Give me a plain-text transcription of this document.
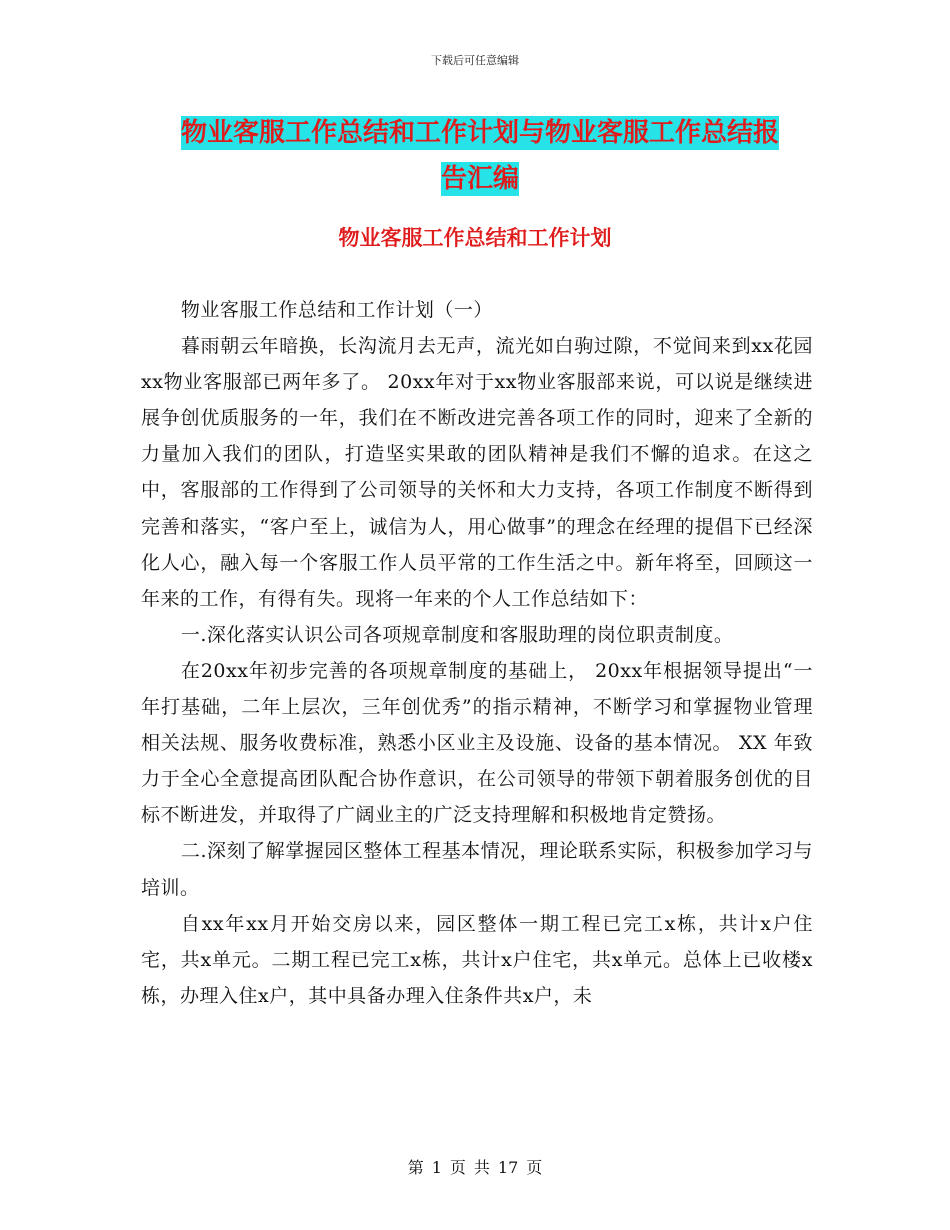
下载后可任意编辑
物业客服工作总结和工作计划与物业客服工作总结报
告汇编
物业客服工作总结和工作计划

物业客服工作总结和工作计划（一）

暮雨朝云年暗换，长沟流月去无声，流光如白驹过隙，不觉间来到xx花园xx物业客服部已两年多了。 20xx年对于xx物业客服部来说，可以说是继续进展争创优质服务的一年，我们在不断改进完善各项工作的同时，迎来了全新的力量加入我们的团队，打造坚实果敢的团队精神是我们不懈的追求。在这之中，客服部的工作得到了公司领导的关怀和大力支持，各项工作制度不断得到完善和落实，“客户至上，诚信为人，用心做事”的理念在经理的提倡下已经深化人心，融入每一个客服工作人员平常的工作生活之中。新年将至，回顾这一年来的工作，有得有失。现将一年来的个人工作总结如下：

一.深化落实认识公司各项规章制度和客服助理的岗位职责制度。

在20xx年初步完善的各项规章制度的基础上， 20xx年根据领导提出“一年打基础，二年上层次，三年创优秀”的指示精神，不断学习和掌握物业管理相关法规、服务收费标准，熟悉小区业主及设施、设备的基本情况。 XX 年致力于全心全意提高团队配合协作意识，在公司领导的带领下朝着服务创优的目标不断进发，并取得了广阔业主的广泛支持理解和积极地肯定赞扬。

二.深刻了解掌握园区整体工程基本情况，理论联系实际，积极参加学习与培训。

自xx年xx月开始交房以来，园区整体一期工程已完工x栋，共计x户住宅，共x单元。二期工程已完工x栋，共计x户住宅，共x单元。总体上已收楼x栋，办理入住x户，其中具备办理入住条件共x户，未

第 1 页 共 17 页
